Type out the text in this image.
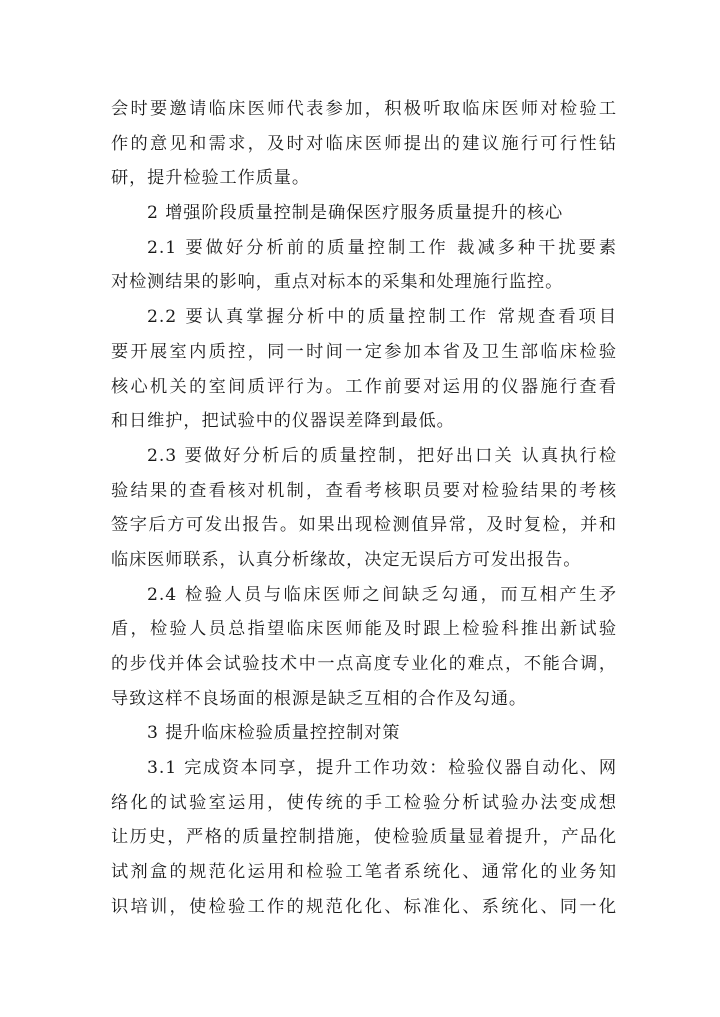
会时要邀请临床医师代表参加，积极听取临床医师对检验工
作的意见和需求，及时对临床医师提出的建议施行可行性钻
研，提升检验工作质量。
2 增强阶段质量控制是确保医疗服务质量提升的核心
2.1 要做好分析前的质量控制工作 裁减多种干扰要素
对检测结果的影响，重点对标本的采集和处理施行监控。
2.2 要认真掌握分析中的质量控制工作 常规查看项目
要开展室内质控，同一时间一定参加本省及卫生部临床检验
核心机关的室间质评行为。工作前要对运用的仪器施行查看
和日维护，把试验中的仪器误差降到最低。
2.3 要做好分析后的质量控制，把好出口关 认真执行检
验结果的查看核对机制，查看考核职员要对检验结果的考核
签字后方可发出报告。如果出现检测值异常，及时复检，并和
临床医师联系，认真分析缘故，决定无误后方可发出报告。
2.4 检验人员与临床医师之间缺乏勾通，而互相产生矛
盾，检验人员总指望临床医师能及时跟上检验科推出新试验
的步伐并体会试验技术中一点高度专业化的难点，不能合调，
导致这样不良场面的根源是缺乏互相的合作及勾通。
3 提升临床检验质量控控制对策
3.1 完成资本同享，提升工作功效：检验仪器自动化、网
络化的试验室运用，使传统的手工检验分析试验办法变成想
让历史，严格的质量控制措施，使检验质量显着提升，产品化
试剂盒的规范化运用和检验工笔者系统化、通常化的业务知
识培训，使检验工作的规范化化、标准化、系统化、同一化
